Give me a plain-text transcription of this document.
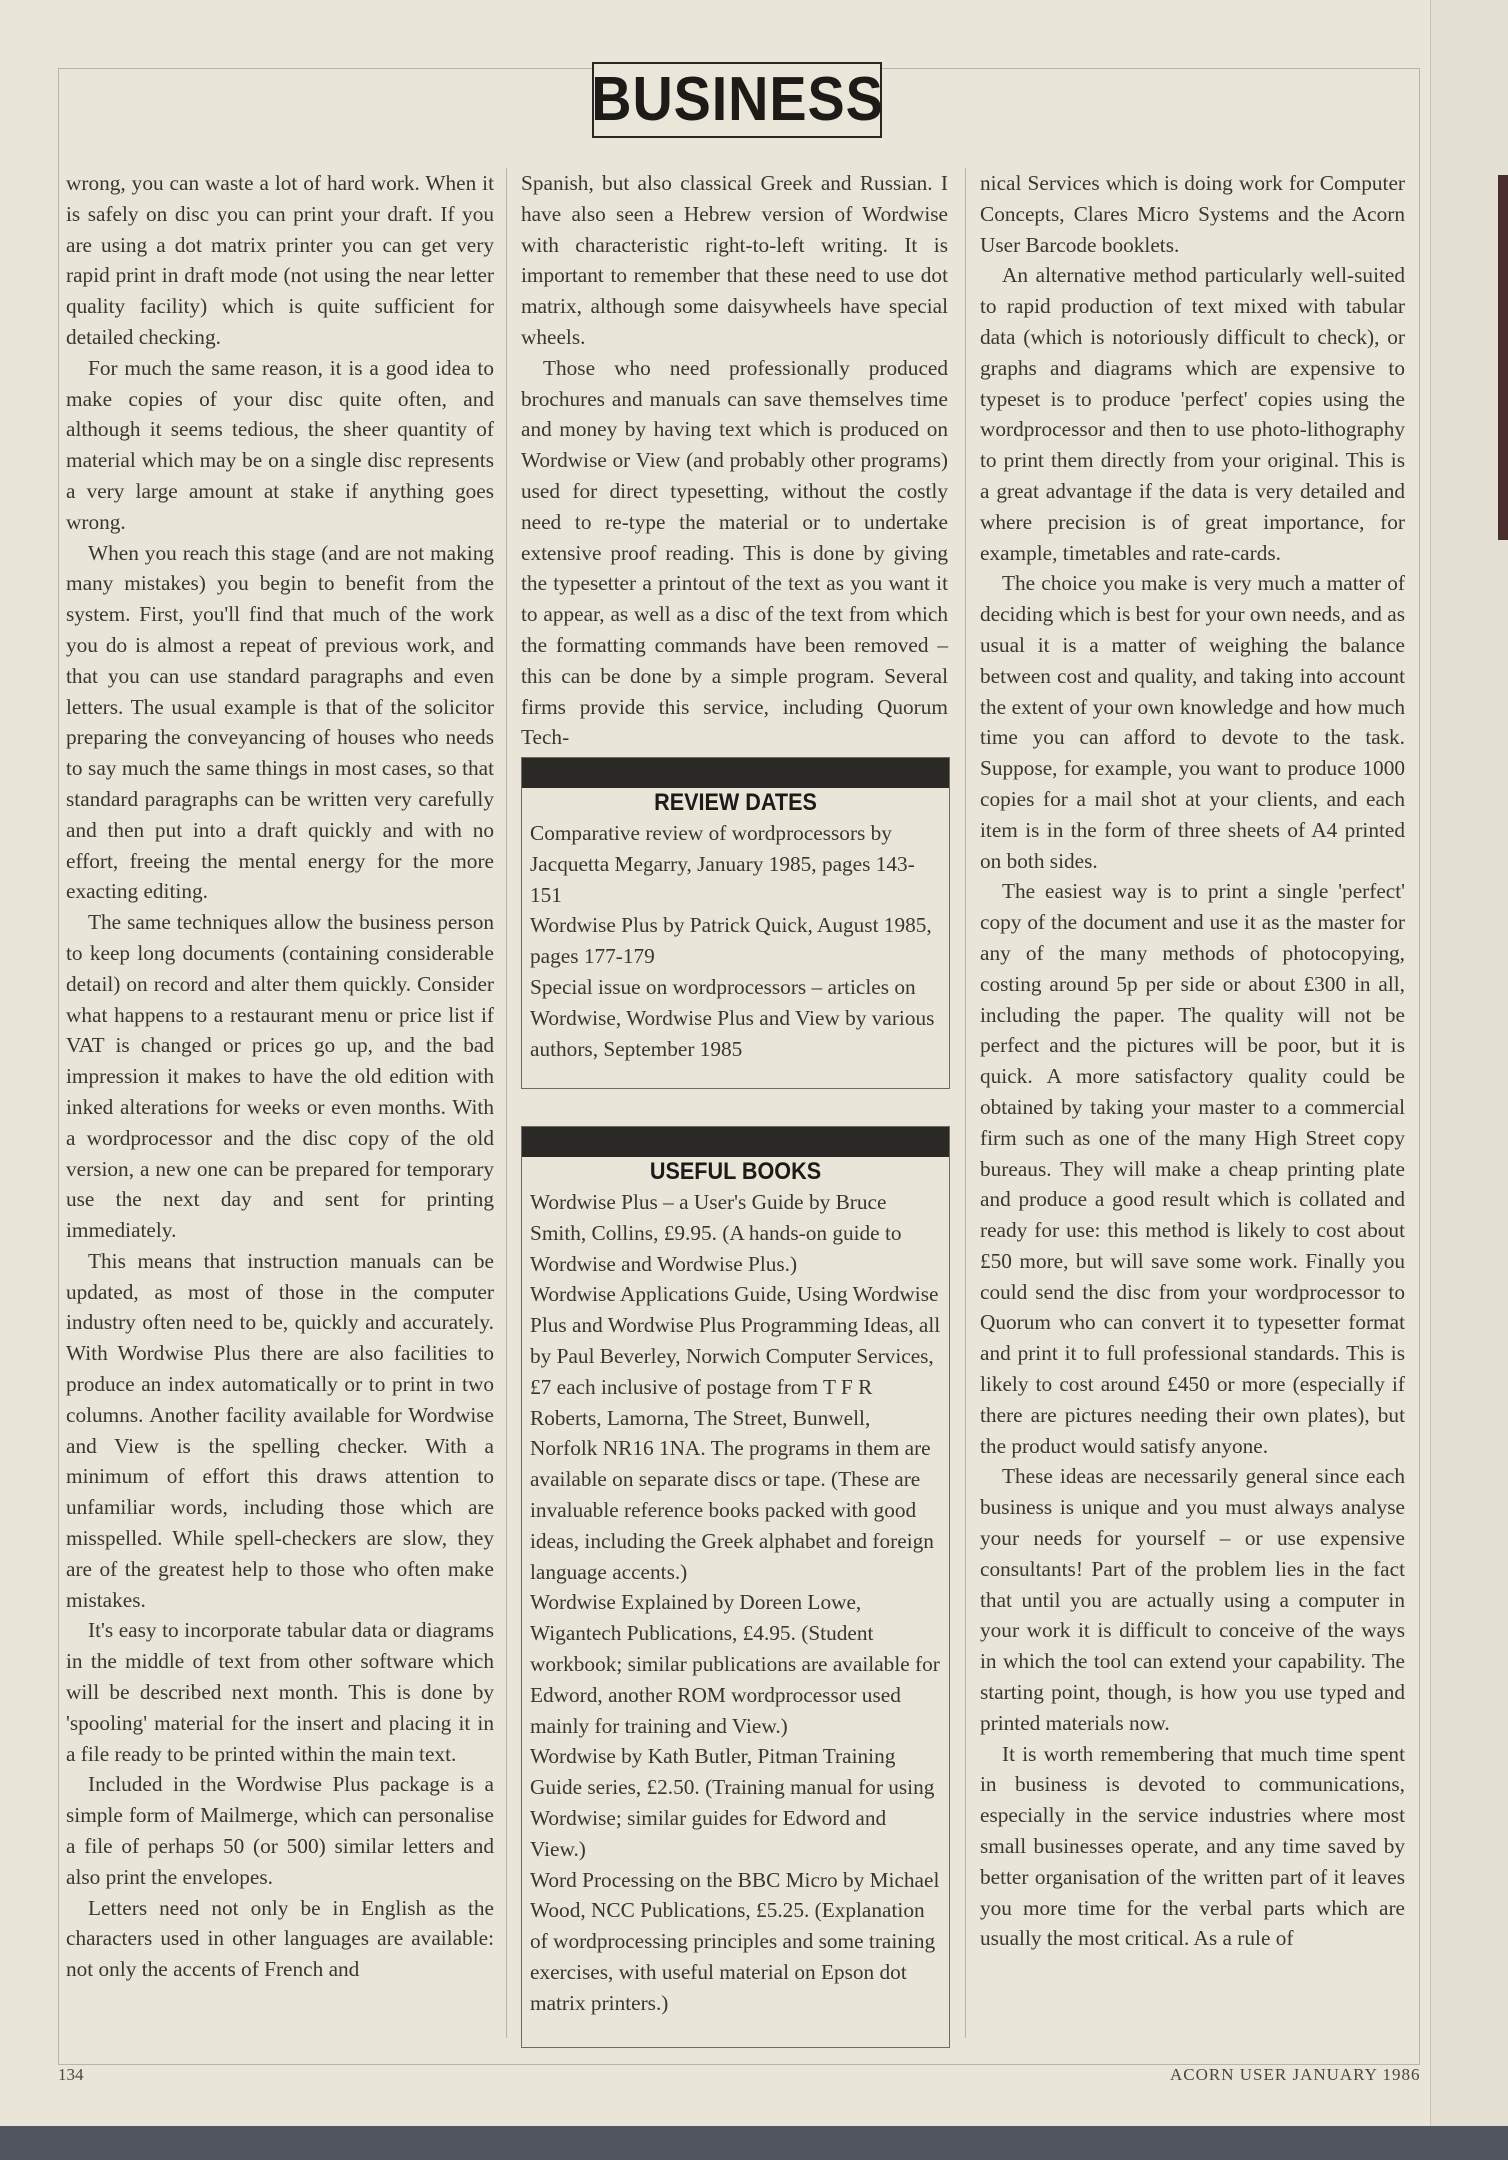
BUSINESS

wrong, you can waste a lot of hard work. When it is safely on disc you can print your draft. If you are using a dot matrix printer you can get very rapid print in draft mode (not using the near letter quality facility) which is quite sufficient for detailed checking.

For much the same reason, it is a good idea to make copies of your disc quite often, and although it seems tedious, the sheer quantity of material which may be on a single disc represents a very large amount at stake if anything goes wrong.

When you reach this stage (and are not making many mistakes) you begin to benefit from the system. First, you'll find that much of the work you do is almost a repeat of previous work, and that you can use standard paragraphs and even letters. The usual example is that of the solicitor preparing the conveyancing of houses who needs to say much the same things in most cases, so that standard paragraphs can be written very carefully and then put into a draft quickly and with no effort, freeing the mental energy for the more exacting editing.

The same techniques allow the business person to keep long documents (containing considerable detail) on record and alter them quickly. Consider what happens to a restaurant menu or price list if VAT is changed or prices go up, and the bad impression it makes to have the old edition with inked alterations for weeks or even months. With a wordprocessor and the disc copy of the old version, a new one can be prepared for temporary use the next day and sent for printing immediately.

This means that instruction manuals can be updated, as most of those in the computer industry often need to be, quickly and accurately. With Wordwise Plus there are also facilities to produce an index automatically or to print in two columns. Another facility available for Wordwise and View is the spelling checker. With a minimum of effort this draws attention to unfamiliar words, including those which are misspelled. While spell-checkers are slow, they are of the greatest help to those who often make mistakes.

It's easy to incorporate tabular data or diagrams in the middle of text from other software which will be described next month. This is done by 'spooling' material for the insert and placing it in a file ready to be printed within the main text.

Included in the Wordwise Plus package is a simple form of Mailmerge, which can personalise a file of perhaps 50 (or 500) similar letters and also print the envelopes.

Letters need not only be in English as the characters used in other languages are available: not only the accents of French and

Spanish, but also classical Greek and Russian. I have also seen a Hebrew version of Wordwise with characteristic right-to-left writing. It is important to remember that these need to use dot matrix, although some daisywheels have special wheels.

Those who need professionally produced brochures and manuals can save themselves time and money by having text which is produced on Wordwise or View (and probably other programs) used for direct typesetting, without the costly need to re-type the material or to undertake extensive proof reading. This is done by giving the typesetter a printout of the text as you want it to appear, as well as a disc of the text from which the formatting commands have been removed – this can be done by a simple program. Several firms provide this service, including Quorum Tech-

REVIEW DATES

Comparative review of wordprocessors by Jacquetta Megarry, January 1985, pages 143-151

Wordwise Plus by Patrick Quick, August 1985, pages 177-179

Special issue on wordprocessors – articles on Wordwise, Wordwise Plus and View by various authors, September 1985

USEFUL BOOKS

Wordwise Plus – a User's Guide by Bruce Smith, Collins, £9.95. (A hands-on guide to Wordwise and Wordwise Plus.)

Wordwise Applications Guide, Using Wordwise Plus and Wordwise Plus Programming Ideas, all by Paul Beverley, Norwich Computer Services, £7 each inclusive of postage from T F R Roberts, Lamorna, The Street, Bunwell, Norfolk NR16 1NA. The programs in them are available on separate discs or tape. (These are invaluable reference books packed with good ideas, including the Greek alphabet and foreign language accents.)

Wordwise Explained by Doreen Lowe, Wigantech Publications, £4.95. (Student workbook; similar publications are available for Edword, another ROM wordprocessor used mainly for training and View.)

Wordwise by Kath Butler, Pitman Training Guide series, £2.50. (Training manual for using Wordwise; similar guides for Edword and View.)

Word Processing on the BBC Micro by Michael Wood, NCC Publications, £5.25. (Explanation of wordprocessing principles and some training exercises, with useful material on Epson dot matrix printers.)

nical Services which is doing work for Computer Concepts, Clares Micro Systems and the Acorn User Barcode booklets.

An alternative method particularly well-suited to rapid production of text mixed with tabular data (which is notoriously difficult to check), or graphs and diagrams which are expensive to typeset is to produce 'perfect' copies using the wordprocessor and then to use photo-lithography to print them directly from your original. This is a great advantage if the data is very detailed and where precision is of great importance, for example, timetables and rate-cards.

The choice you make is very much a matter of deciding which is best for your own needs, and as usual it is a matter of weighing the balance between cost and quality, and taking into account the extent of your own knowledge and how much time you can afford to devote to the task. Suppose, for example, you want to produce 1000 copies for a mail shot at your clients, and each item is in the form of three sheets of A4 printed on both sides.

The easiest way is to print a single 'perfect' copy of the document and use it as the master for any of the many methods of photocopying, costing around 5p per side or about £300 in all, including the paper. The quality will not be perfect and the pictures will be poor, but it is quick. A more satisfactory quality could be obtained by taking your master to a commercial firm such as one of the many High Street copy bureaus. They will make a cheap printing plate and produce a good result which is collated and ready for use: this method is likely to cost about £50 more, but will save some work. Finally you could send the disc from your wordprocessor to Quorum who can convert it to typesetter format and print it to full professional standards. This is likely to cost around £450 or more (especially if there are pictures needing their own plates), but the product would satisfy anyone.

These ideas are necessarily general since each business is unique and you must always analyse your needs for yourself – or use expensive consultants! Part of the problem lies in the fact that until you are actually using a computer in your work it is difficult to conceive of the ways in which the tool can extend your capability. The starting point, though, is how you use typed and printed materials now.

It is worth remembering that much time spent in business is devoted to communications, especially in the service industries where most small businesses operate, and any time saved by better organisation of the written part of it leaves you more time for the verbal parts which are usually the most critical. As a rule of

134	ACORN USER JANUARY 1986
